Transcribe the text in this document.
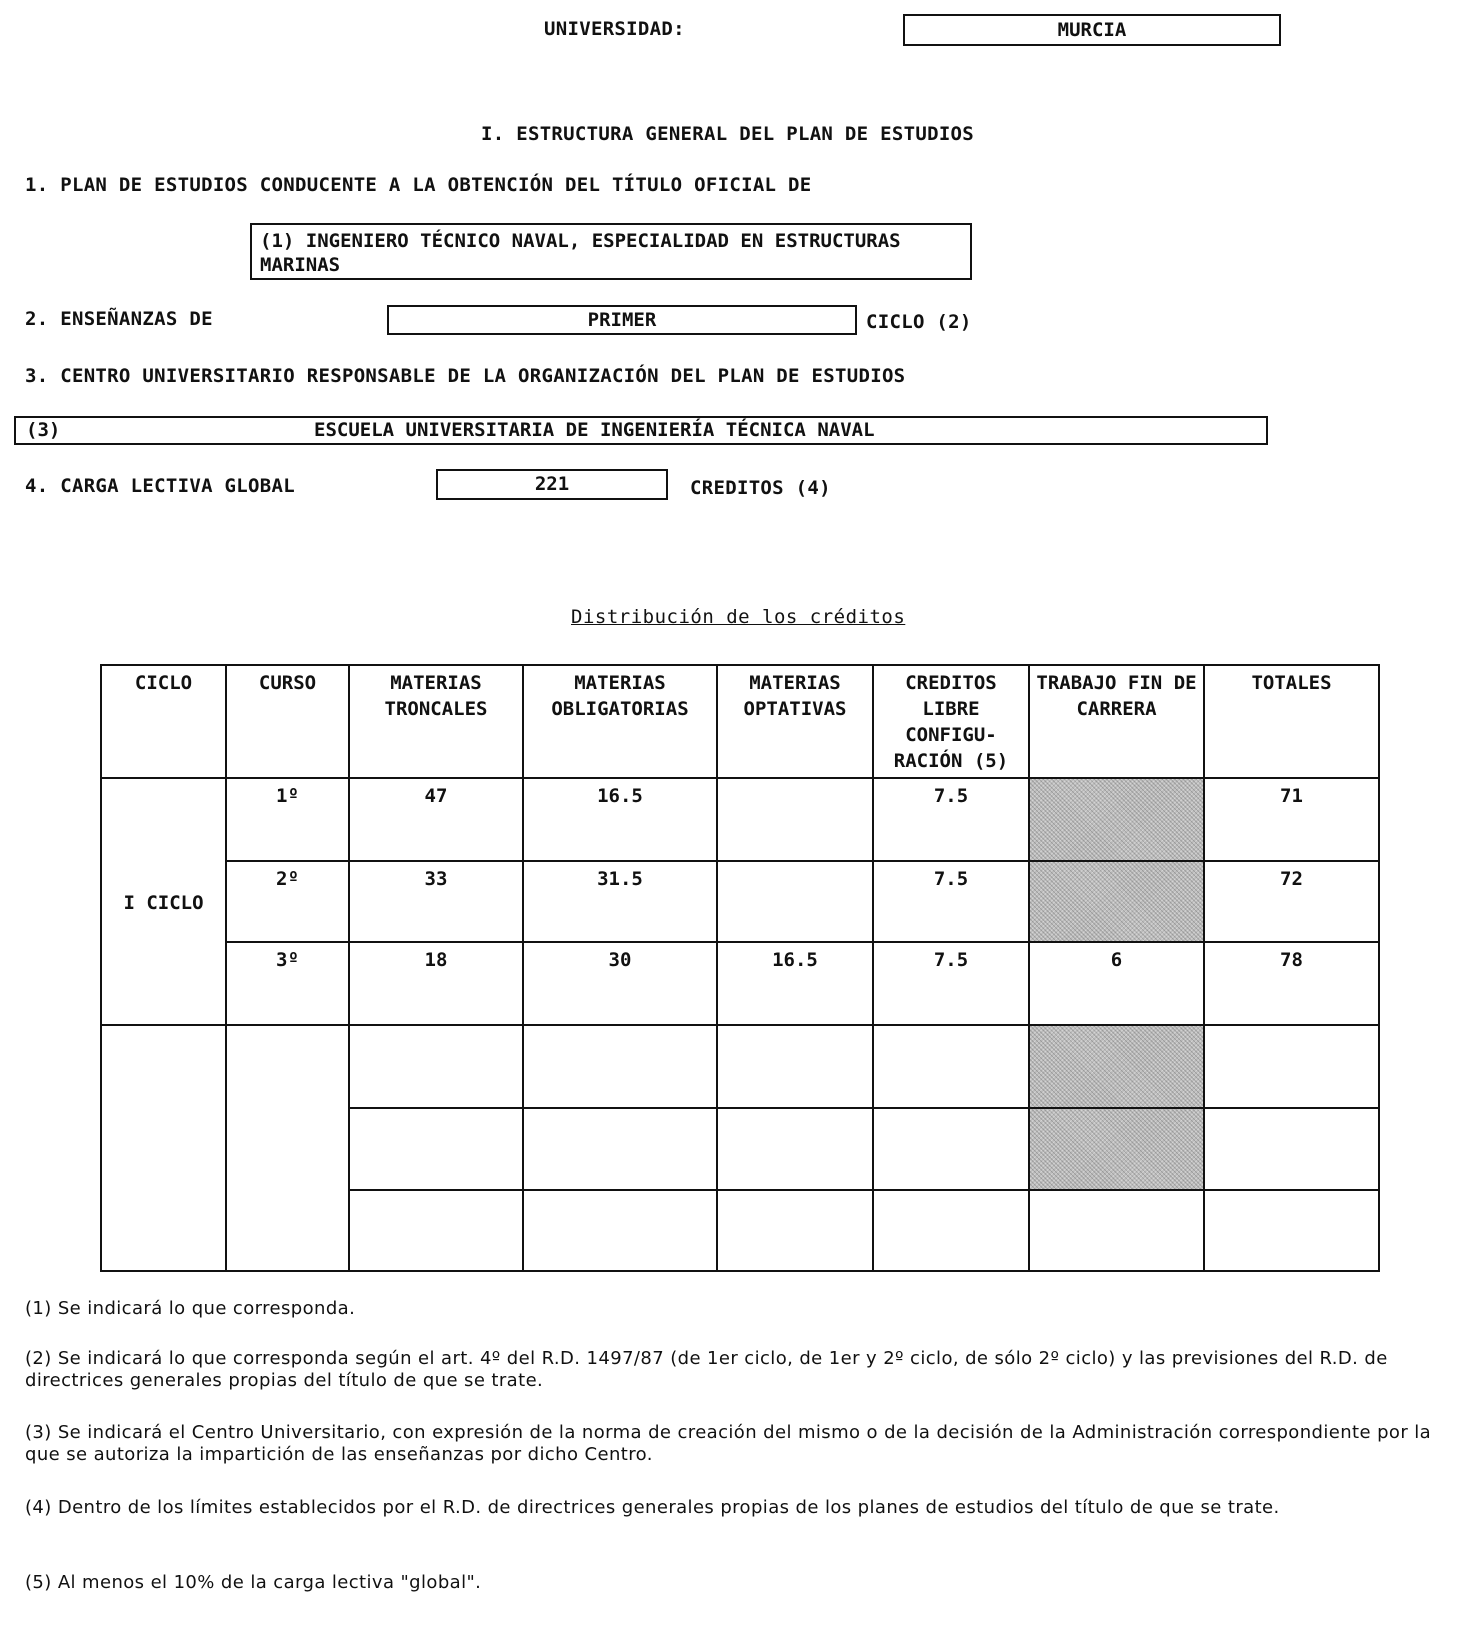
UNIVERSIDAD:	MURCIA
I. ESTRUCTURA GENERAL DEL PLAN DE ESTUDIOS
1. PLAN DE ESTUDIOS CONDUCENTE A LA OBTENCIÓN DEL TÍTULO OFICIAL DE
(1) INGENIERO TÉCNICO NAVAL, ESPECIALIDAD EN ESTRUCTURAS
MARINAS
2. ENSEÑANZAS DE	PRIMER	CICLO (2)
3. CENTRO UNIVERSITARIO RESPONSABLE DE LA ORGANIZACIÓN DEL PLAN DE ESTUDIOS
(3)	ESCUELA UNIVERSITARIA DE INGENIERÍA TÉCNICA NAVAL
4. CARGA LECTIVA GLOBAL	221	CREDITOS (4)
Distribución de los créditos
CICLO	CURSO	MATERIAS TRONCALES	MATERIAS OBLIGATORIAS	MATERIAS OPTATIVAS	CREDITOS LIBRE CONFIGU- RACIÓN (5)	TRABAJO FIN DE CARRERA	TOTALES
I CICLO	1º	47	16.5		7.5		71
	2º	33	31.5		7.5		72
	3º	18	30	16.5	7.5	6	78

(1) Se indicará lo que corresponda.

(2) Se indicará lo que corresponda según el art. 4º del R.D. 1497/87 (de 1er ciclo, de 1er y 2º ciclo, de sólo 2º ciclo) y las previsiones del R.D. de directrices generales propias del título de que se trate.

(3) Se indicará el Centro Universitario, con expresión de la norma de creación del mismo o de la decisión de la Administración correspondiente por la que se autoriza la impartición de las enseñanzas por dicho Centro.

(4) Dentro de los límites establecidos por el R.D. de directrices generales propias de los planes de estudios del título de que se trate.

(5) Al menos el 10% de la carga lectiva "global".
